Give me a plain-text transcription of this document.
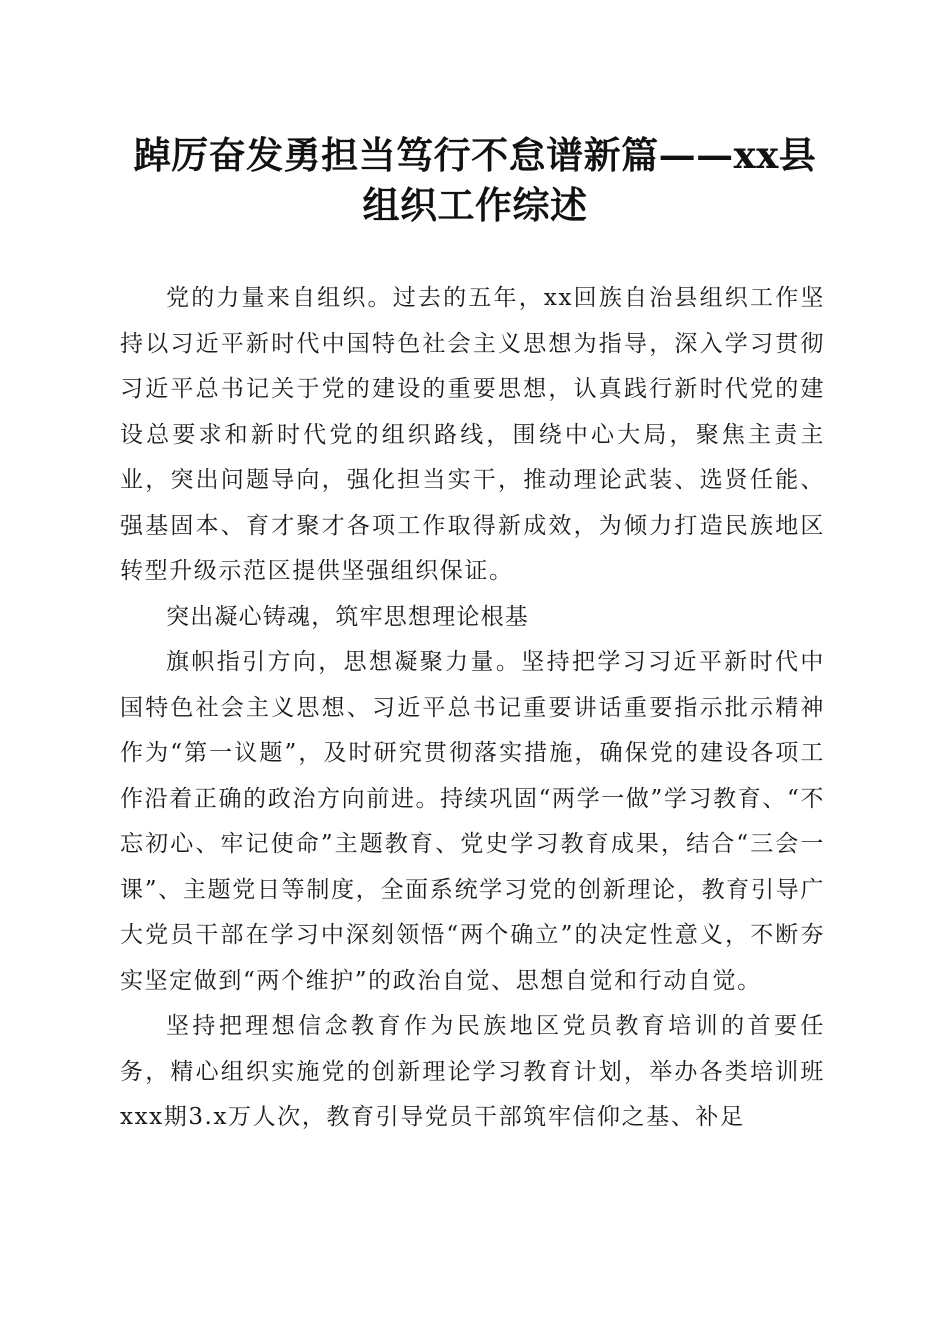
踔厉奋发勇担当笃行不怠谱新篇——xx县组织工作综述

党的力量来自组织。过去的五年，xx回族自治县组织工作坚持以习近平新时代中国特色社会主义思想为指导，深入学习贯彻习近平总书记关于党的建设的重要思想，认真践行新时代党的建设总要求和新时代党的组织路线，围绕中心大局，聚焦主责主业，突出问题导向，强化担当实干，推动理论武装、选贤任能、强基固本、育才聚才各项工作取得新成效，为倾力打造民族地区转型升级示范区提供坚强组织保证。

突出凝心铸魂，筑牢思想理论根基

旗帜指引方向，思想凝聚力量。坚持把学习习近平新时代中国特色社会主义思想、习近平总书记重要讲话重要指示批示精神作为“第一议题”，及时研究贯彻落实措施，确保党的建设各项工作沿着正确的政治方向前进。持续巩固“两学一做”学习教育、“不忘初心、牢记使命”主题教育、党史学习教育成果，结合“三会一课”、主题党日等制度，全面系统学习党的创新理论，教育引导广大党员干部在学习中深刻领悟“两个确立”的决定性意义，不断夯实坚定做到“两个维护”的政治自觉、思想自觉和行动自觉。

坚持把理想信念教育作为民族地区党员教育培训的首要任务，精心组织实施党的创新理论学习教育计划，举办各类培训班xxx期3.x万人次，教育引导党员干部筑牢信仰之基、补足
